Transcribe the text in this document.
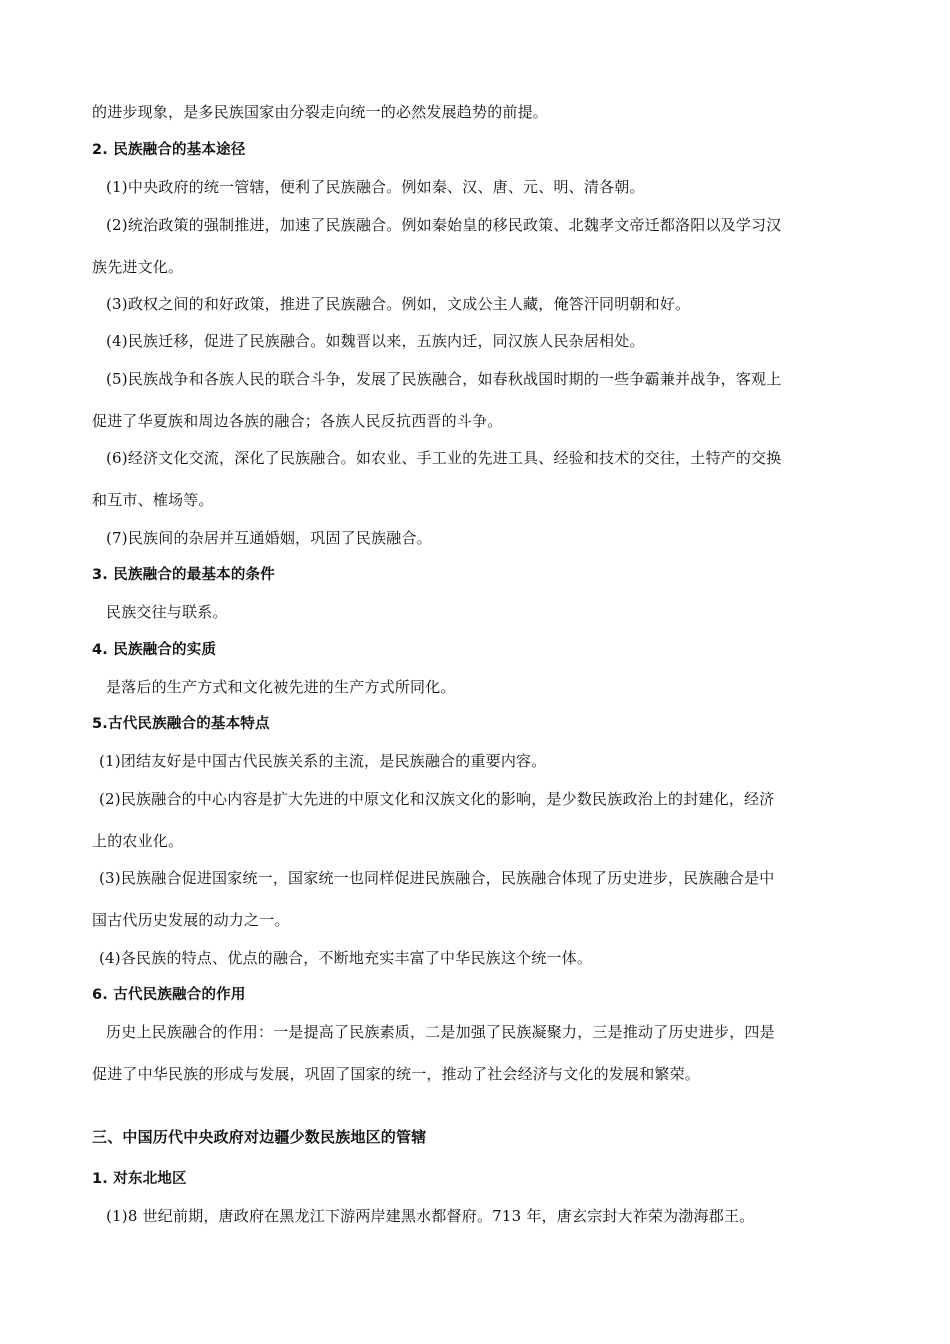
的进步现象，是多民族国家由分裂走向统一的必然发展趋势的前提。
2. 民族融合的基本途径
(1)中央政府的统一管辖，便利了民族融合。例如秦、汉、唐、元、明、清各朝。
(2)统治政策的强制推进，加速了民族融合。例如秦始皇的移民政策、北魏孝文帝迁都洛阳以及学习汉
族先进文化。
(3)政权之间的和好政策，推进了民族融合。例如，文成公主人藏，俺答汗同明朝和好。
(4)民族迁移，促进了民族融合。如魏晋以来，五族内迁，同汉族人民杂居相处。
(5)民族战争和各族人民的联合斗争，发展了民族融合，如春秋战国时期的一些争霸兼并战争，客观上
促进了华夏族和周边各族的融合；各族人民反抗西晋的斗争。
(6)经济文化交流，深化了民族融合。如农业、手工业的先进工具、经验和技术的交往，土特产的交换
和互市、榷场等。
(7)民族间的杂居并互通婚姻，巩固了民族融合。
3. 民族融合的最基本的条件
民族交往与联系。
4. 民族融合的实质
是落后的生产方式和文化被先进的生产方式所同化。
5.古代民族融合的基本特点
(1)团结友好是中国古代民族关系的主流，是民族融合的重要内容。
(2)民族融合的中心内容是扩大先进的中原文化和汉族文化的影响，是少数民族政治上的封建化，经济
上的农业化。
(3)民族融合促进国家统一，国家统一也同样促进民族融合，民族融合体现了历史进步，民族融合是中
国古代历史发展的动力之一。
(4)各民族的特点、优点的融合，不断地充实丰富了中华民族这个统一体。
6. 古代民族融合的作用
历史上民族融合的作用：一是提高了民族素质，二是加强了民族凝聚力，三是推动了历史进步，四是
促进了中华民族的形成与发展，巩固了国家的统一，推动了社会经济与文化的发展和繁荣。
三、中国历代中央政府对边疆少数民族地区的管辖
1. 对东北地区
(1)8 世纪前期，唐政府在黑龙江下游两岸建黑水都督府。713 年，唐玄宗封大祚荣为渤海郡王。
